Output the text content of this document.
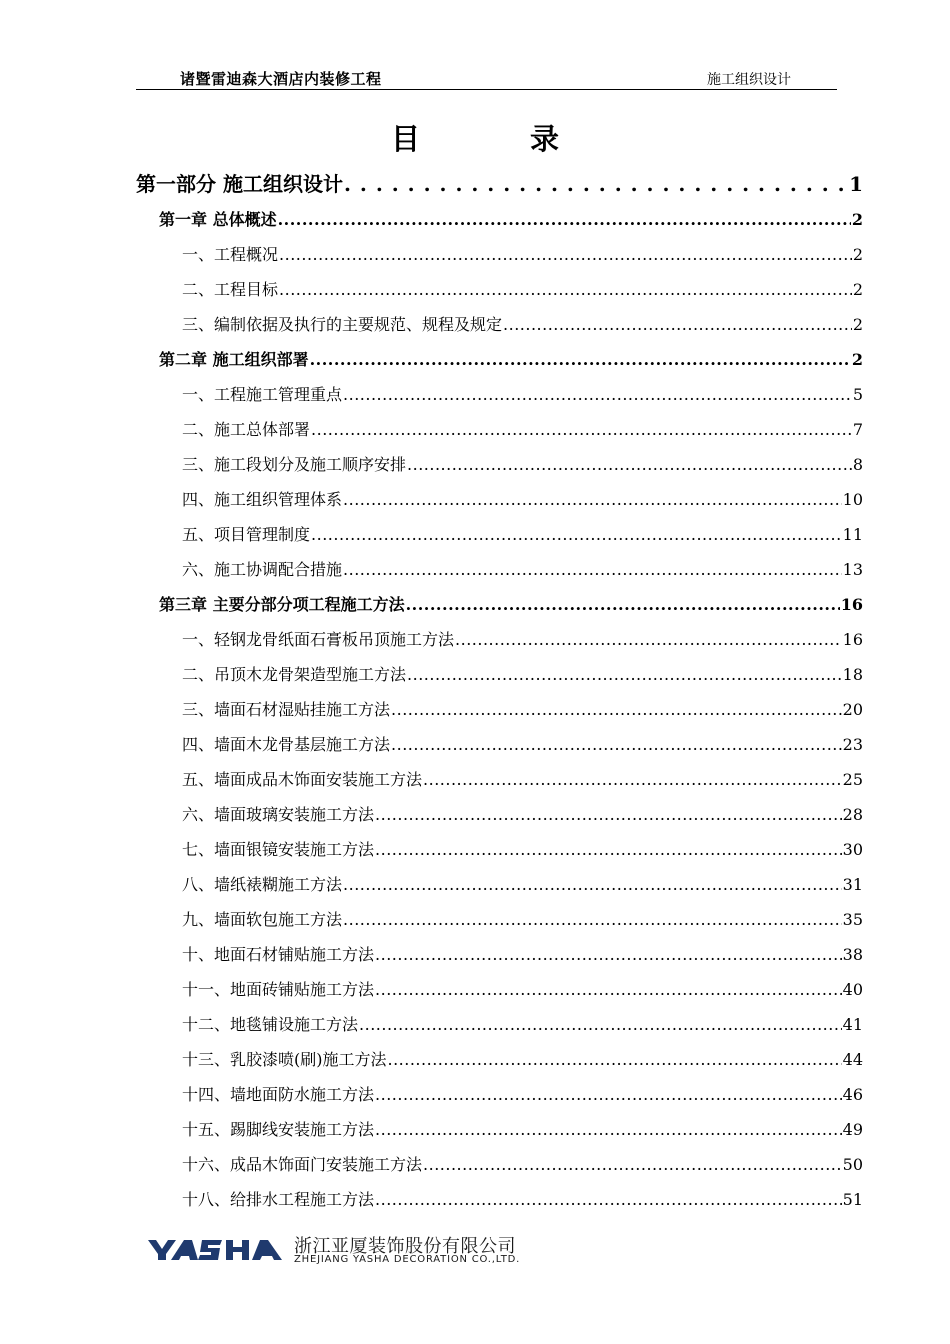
诸暨雷迪森大酒店内装修工程	施工组织设计
目 录
第一部分 施工组织设计 . . .	1
第一章 总体概述 .....	2
一、工程概况 .....	2
二、工程目标 .....	2
三、编制依据及执行的主要规范、规程及规定 .....	2
第二章 施工组织部署 .....	2
一、工程施工管理重点 .....	5
二、施工总体部署 .....	7
三、施工段划分及施工顺序安排 .....	8
四、施工组织管理体系 .....	10
五、项目管理制度 .....	11
六、施工协调配合措施 .....	13
第三章 主要分部分项工程施工方法 .....	16
一、轻钢龙骨纸面石膏板吊顶施工方法 .....	16
二、吊顶木龙骨架造型施工方法 .....	18
三、墙面石材湿贴挂施工方法 .....	20
四、墙面木龙骨基层施工方法 .....	23
五、墙面成品木饰面安装施工方法 .....	25
六、墙面玻璃安装施工方法 .....	28
七、墙面银镜安装施工方法 .....	30
八、墙纸裱糊施工方法 .....	31
九、墙面软包施工方法 .....	35
十、地面石材铺贴施工方法 .....	38
十一、地面砖铺贴施工方法 .....	40
十二、地毯铺设施工方法 .....	41
十三、乳胶漆喷(刷)施工方法 .....	44
十四、墙地面防水施工方法 .....	46
十五、踢脚线安装施工方法 .....	49
十六、成品木饰面门安装施工方法 .....	50
十八、给排水工程施工方法 .....	51
YASHA	浙江亚厦装饰股份有限公司
ZHEJIANG YASHA DECORATION CO.,LTD.
